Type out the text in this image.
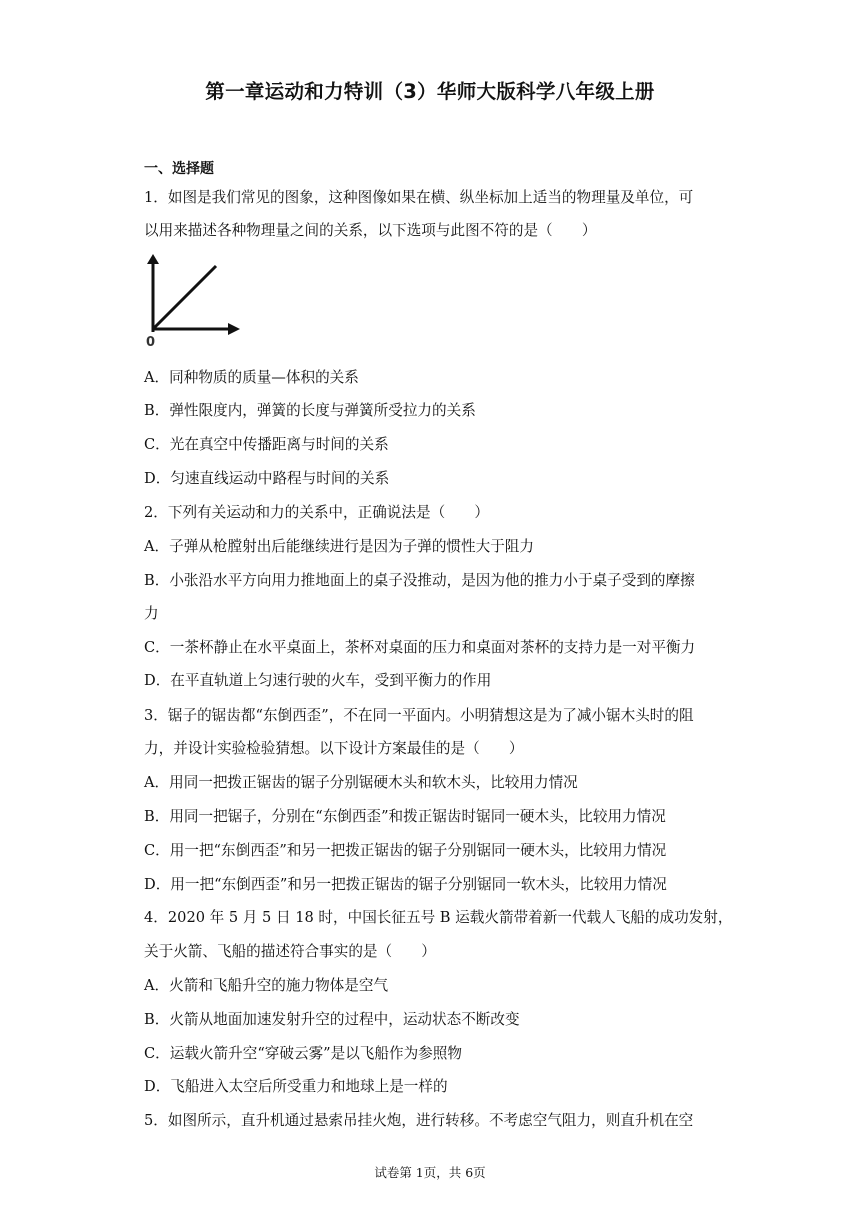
第一章运动和力特训（3）华师大版科学八年级上册
一、选择题
1．如图是我们常见的图象，这种图像如果在横、纵坐标加上适当的物理量及单位，可
以用来描述各种物理量之间的关系，以下选项与此图不符的是（　　）
0
A．同种物质的质量—体积的关系
B．弹性限度内，弹簧的长度与弹簧所受拉力的关系
C．光在真空中传播距离与时间的关系
D．匀速直线运动中路程与时间的关系
2．下列有关运动和力的关系中，正确说法是（　　）
A．子弹从枪膛射出后能继续进行是因为子弹的惯性大于阻力
B．小张沿水平方向用力推地面上的桌子没推动，是因为他的推力小于桌子受到的摩擦
力
C．一茶杯静止在水平桌面上，茶杯对桌面的压力和桌面对茶杯的支持力是一对平衡力
D．在平直轨道上匀速行驶的火车，受到平衡力的作用
3．锯子的锯齿都“东倒西歪”，不在同一平面内。小明猜想这是为了减小锯木头时的阻
力，并设计实验检验猜想。以下设计方案最佳的是（　　）
A．用同一把拨正锯齿的锯子分别锯硬木头和软木头，比较用力情况
B．用同一把锯子，分别在“东倒西歪”和拨正锯齿时锯同一硬木头，比较用力情况
C．用一把“东倒西歪”和另一把拨正锯齿的锯子分别锯同一硬木头，比较用力情况
D．用一把“东倒西歪”和另一把拨正锯齿的锯子分别锯同一软木头，比较用力情况
4．2020 年 5 月 5 日 18 时，中国长征五号 B 运载火箭带着新一代载人飞船的成功发射，
关于火箭、飞船的描述符合事实的是（　　）
A．火箭和飞船升空的施力物体是空气
B．火箭从地面加速发射升空的过程中，运动状态不断改变
C．运载火箭升空“穿破云雾”是以飞船作为参照物
D．飞船进入太空后所受重力和地球上是一样的
5．如图所示，直升机通过悬索吊挂火炮，进行转移。不考虑空气阻力，则直升机在空
试卷第 1页，共 6页
